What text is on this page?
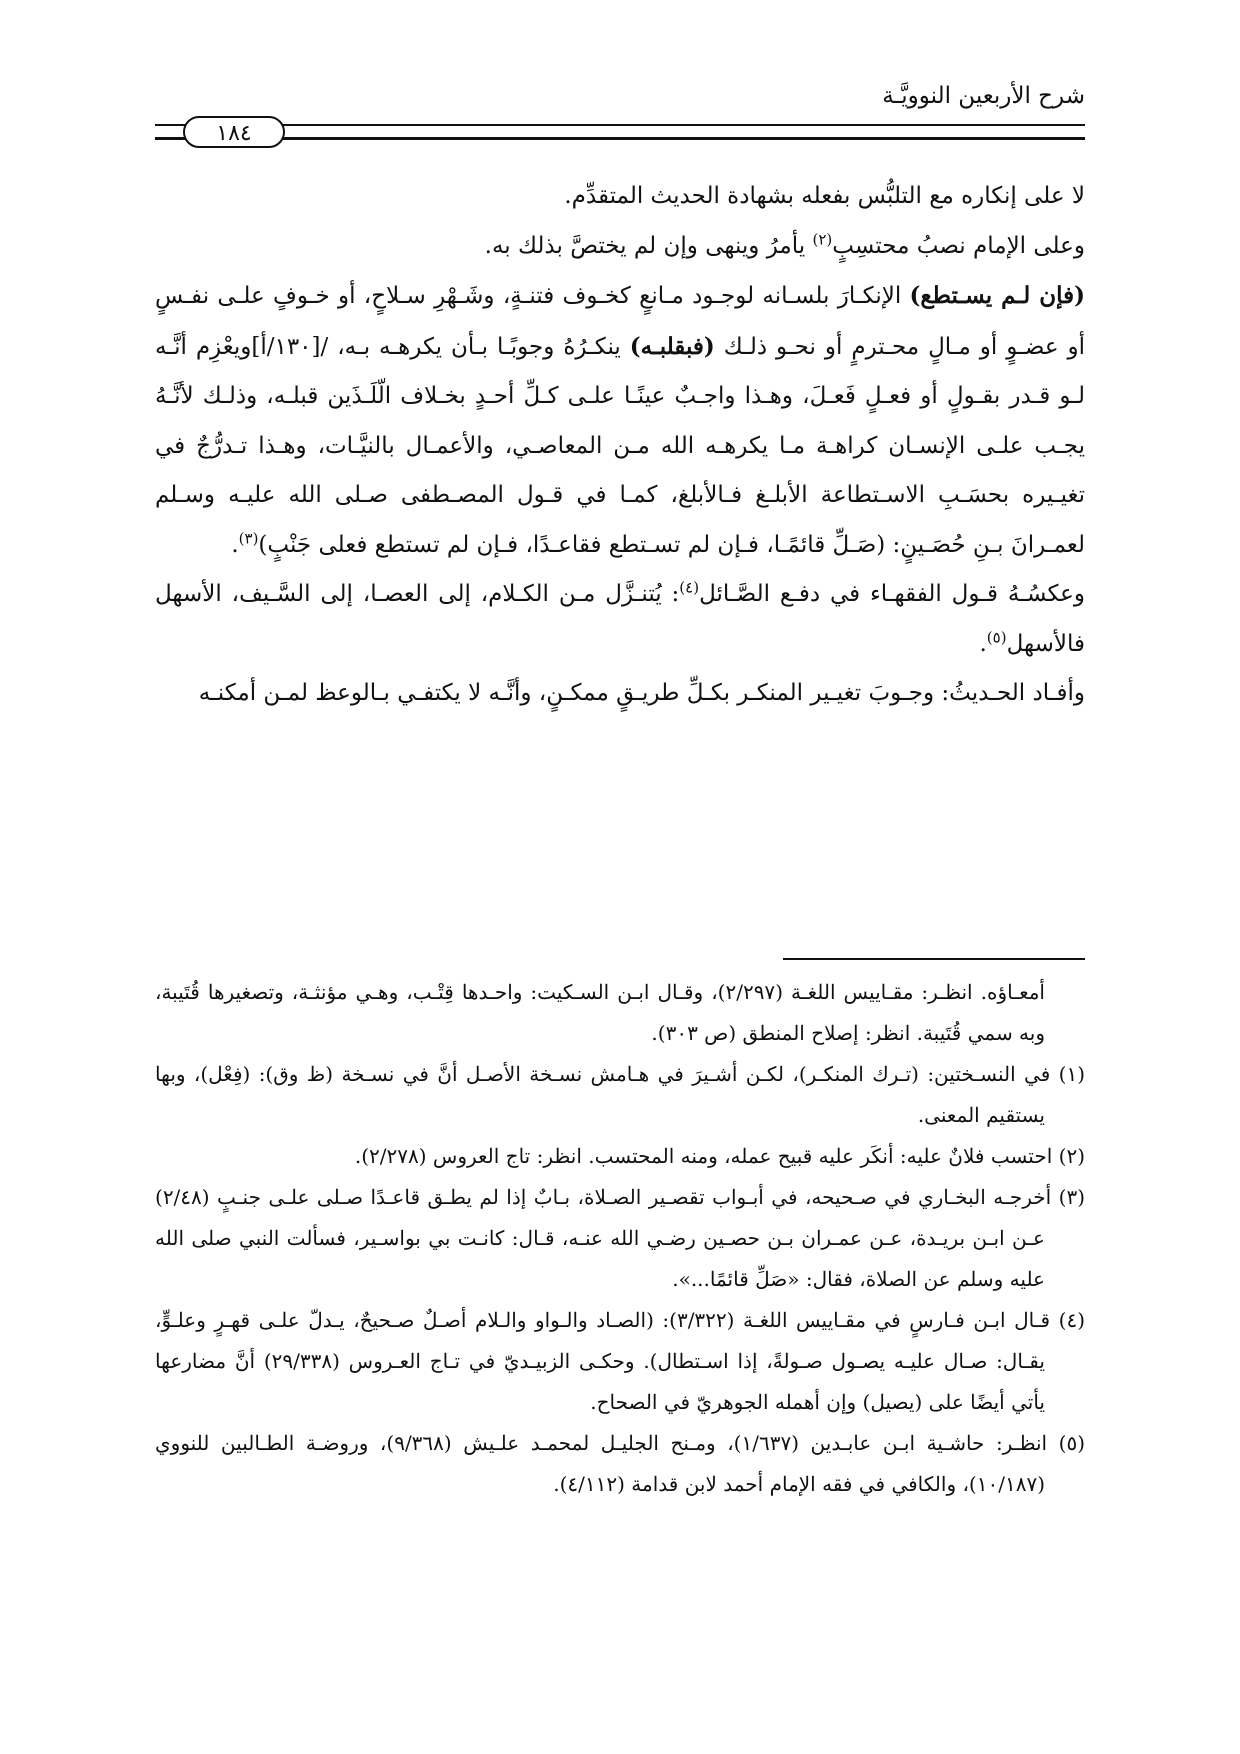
شرح الأربعين النوويَّـة
١٨٤

لا على إنكاره مع التلبُّس بفعله بشهادة الحديث المتقدِّم.

وعلى الإمام نصبُ محتسِبٍ$^{(٢)}$ يأمرُ وينهى وإن لم يختصَّ بذلك به.

(فإن لـم يسـتطع) الإنكـارَ بلسـانه لوجـود مـانعٍ كخـوف فتنـةٍ، وشَـهْرِ سـلاحٍ، أو خـوفٍ علـى نفـسٍ أو عضـوٍ أو مـالٍ محـترمٍ أو نحـو ذلـك (فبقلبـه) ينكـرُهُ وجوبًـا بـأن يكرهـه بـه، /[١٣٠/أ]ويعْزِم أنَّـه لـو قـدر بقـولٍ أو فعـلٍ فَعـلَ، وهـذا واجـبٌ عينًـا علـى كـلِّ أحـدٍ بخـلاف الّلَـذَين قبلـه، وذلـك لأنَّـهُ يجـب علـى الإنسـان كراهـة مـا يكرهـه الله مـن المعاصـي، والأعمـال بالنيَّـات، وهـذا تـدرُّجٌ في تغيـيره بحسَـبِ الاسـتطاعة الأبلـغ فـالأبلغ، كمـا في قـول المصـطفى صـلى الله عليـه وسـلم لعمـرانَ بـنِ حُصَـينٍ: (صَـلِّ قائمًـا، فـإن لم تسـتطع فقاعـدًا، فـإن لم تستطع فعلى جَنْبٍ)$^{(٣)}$.

وعكسُـهُ قـول الفقهـاء في دفـع الصَّـائل$^{(٤)}$: يُتنـزَّل مـن الكـلام، إلى العصـا، إلى السَّـيف، الأسهل فالأسهل$^{(٥)}$.

وأفـاد الحـديثُ: وجـوبَ تغيـير المنكـر بكـلِّ طريـقٍ ممكـنٍ، وأنَّـه لا يكتفـي بـالوعظ لمـن أمكنـه

أمعـاؤه. انظـر: مقـاييس اللغـة (٢/٢٩٧)، وقـال ابـن السـكيت: واحـدها قِتْـب، وهـي مؤنثـة، وتصغيرها قُتَيبة، وبه سمي قُتَيبة. انظر: إصلاح المنطق (ص ٣٠٣).

(١) في النسـختين: (تـرك المنكـر)، لكـن أشـيرَ في هـامش نسـخة الأصـل أنَّ في نسـخة (ظ وق): (فِعْل)، وبها يستقيم المعنى.

(٢) احتسب فلانٌ عليه: أنكَر عليه قبيح عمله، ومنه المحتسب. انظر: تاج العروس (٢/٢٧٨).

(٣) أخرجـه البخـاري في صـحيحه، في أبـواب تقصـير الصـلاة، بـابٌ إذا لم يطـق قاعـدًا صـلى علـى جنـبٍ (٢/٤٨) عـن ابـن بريـدة، عـن عمـران بـن حصـين رضـي الله عنـه، قـال: كانـت بي بواسـير، فسألت النبي صلى الله عليه وسلم عن الصلاة، فقال: «صَلِّ قائمًا...».

(٤) قـال ابـن فـارسٍ في مقـاييس اللغـة (٣/٣٢٢): (الصـاد والـواو والـلام أصـلٌ صـحيحٌ، يـدلّ علـى قهـرٍ وعلـوٍّ، يقـال: صـال عليـه يصـول صـولةً، إذا اسـتطال). وحكـى الزبيـديّ في تـاج العـروس (٢٩/٣٣٨) أنَّ مضارعها يأتي أيضًا على (يصيل) وإن أهمله الجوهريّ في الصحاح.

(٥) انظـر: حاشـية ابـن عابـدين (١/٦٣٧)، ومـنح الجليـل لمحمـد علـيش (٩/٣٦٨)، وروضـة الطـالبين للنووي (١٠/١٨٧)، والكافي في فقه الإمام أحمد لابن قدامة (٤/١١٢).
